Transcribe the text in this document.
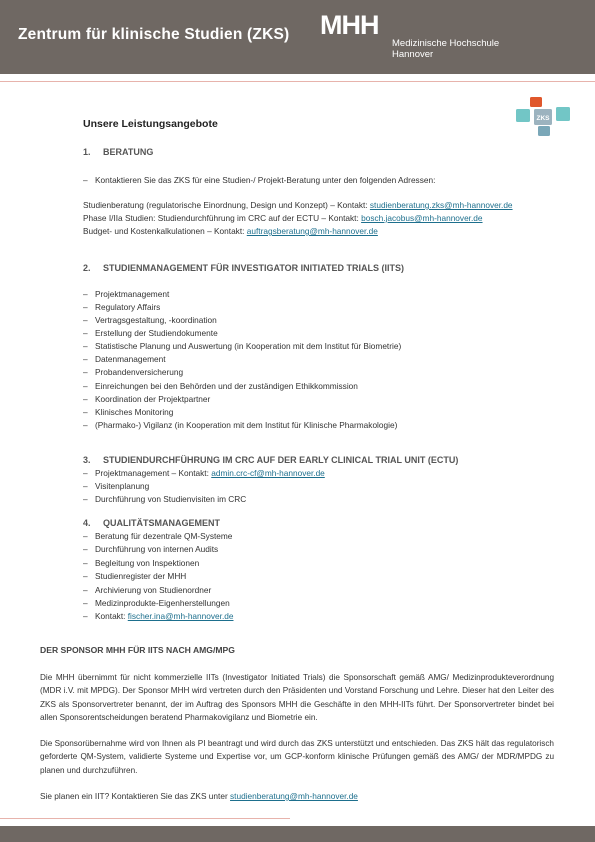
Zentrum für klinische Studien (ZKS) MHH
Medizinische Hochschule
Hannover
ZKS
Unsere Leistungsangebote
1. BERATUNG
– Kontaktieren Sie das ZKS für eine Studien-/ Projekt-Beratung unter den folgenden Adressen:
Studienberatung (regulatorische Einordnung, Design und Konzept) – Kontakt: studienberatung.zks@mh-hannover.de
Phase I/IIa Studien: Studiendurchführung im CRC auf der ECTU – Kontakt: bosch.jacobus@mh-hannover.de
Budget- und Kostenkalkulationen – Kontakt: auftragsberatung@mh-hannover.de
2. STUDIENMANAGEMENT FÜR INVESTIGATOR INITIATED TRIALS (IITS)
– Projektmanagement
– Regulatory Affairs
– Vertragsgestaltung, -koordination
– Erstellung der Studiendokumente
– Statistische Planung und Auswertung (in Kooperation mit dem Institut für Biometrie)
– Datenmanagement
– Probandenversicherung
– Einreichungen bei den Behörden und der zuständigen Ethikkommission
– Koordination der Projektpartner
– Klinisches Monitoring
– (Pharmako-) Vigilanz (in Kooperation mit dem Institut für Klinische Pharmakologie)
3. STUDIENDURCHFÜHRUNG IM CRC AUF DER EARLY CLINICAL TRIAL UNIT (ECTU)
– Projektmanagement – Kontakt: admin.crc-cf@mh-hannover.de
– Visitenplanung
– Durchführung von Studienvisiten im CRC
4. QUALITÄTSMANAGEMENT
– Beratung für dezentrale QM-Systeme
– Durchführung von internen Audits
– Begleitung von Inspektionen
– Studienregister der MHH
– Archivierung von Studienordner
– Medizinprodukte-Eigenherstellungen
– Kontakt: fischer.ina@mh-hannover.de
DER SPONSOR MHH FÜR IITS NACH AMG/MPG
Die MHH übernimmt für nicht kommerzielle IITs (Investigator Initiated Trials) die Sponsorschaft gemäß AMG/ Medizinprodukteverordnung (MDR i.V. mit MPDG). Der Sponsor MHH wird vertreten durch den Präsidenten und Vorstand Forschung und Lehre. Dieser hat den Leiter des ZKS als Sponsorvertreter benannt, der im Auftrag des Sponsors MHH die Geschäfte in den MHH-IITs führt. Der Sponsorvertreter bindet bei allen Sponsorentscheidungen beratend Pharmakovigilanz und Biometrie ein.
Die Sponsorübernahme wird von Ihnen als PI beantragt und wird durch das ZKS unterstützt und entschieden. Das ZKS hält das regulatorisch geforderte QM-System, validierte Systeme und Expertise vor, um GCP-konform klinische Prüfungen gemäß des AMG/ der MDR/MPDG zu planen und durchzuführen.
Sie planen ein IIT? Kontaktieren Sie das ZKS unter studienberatung@mh-hannover.de
